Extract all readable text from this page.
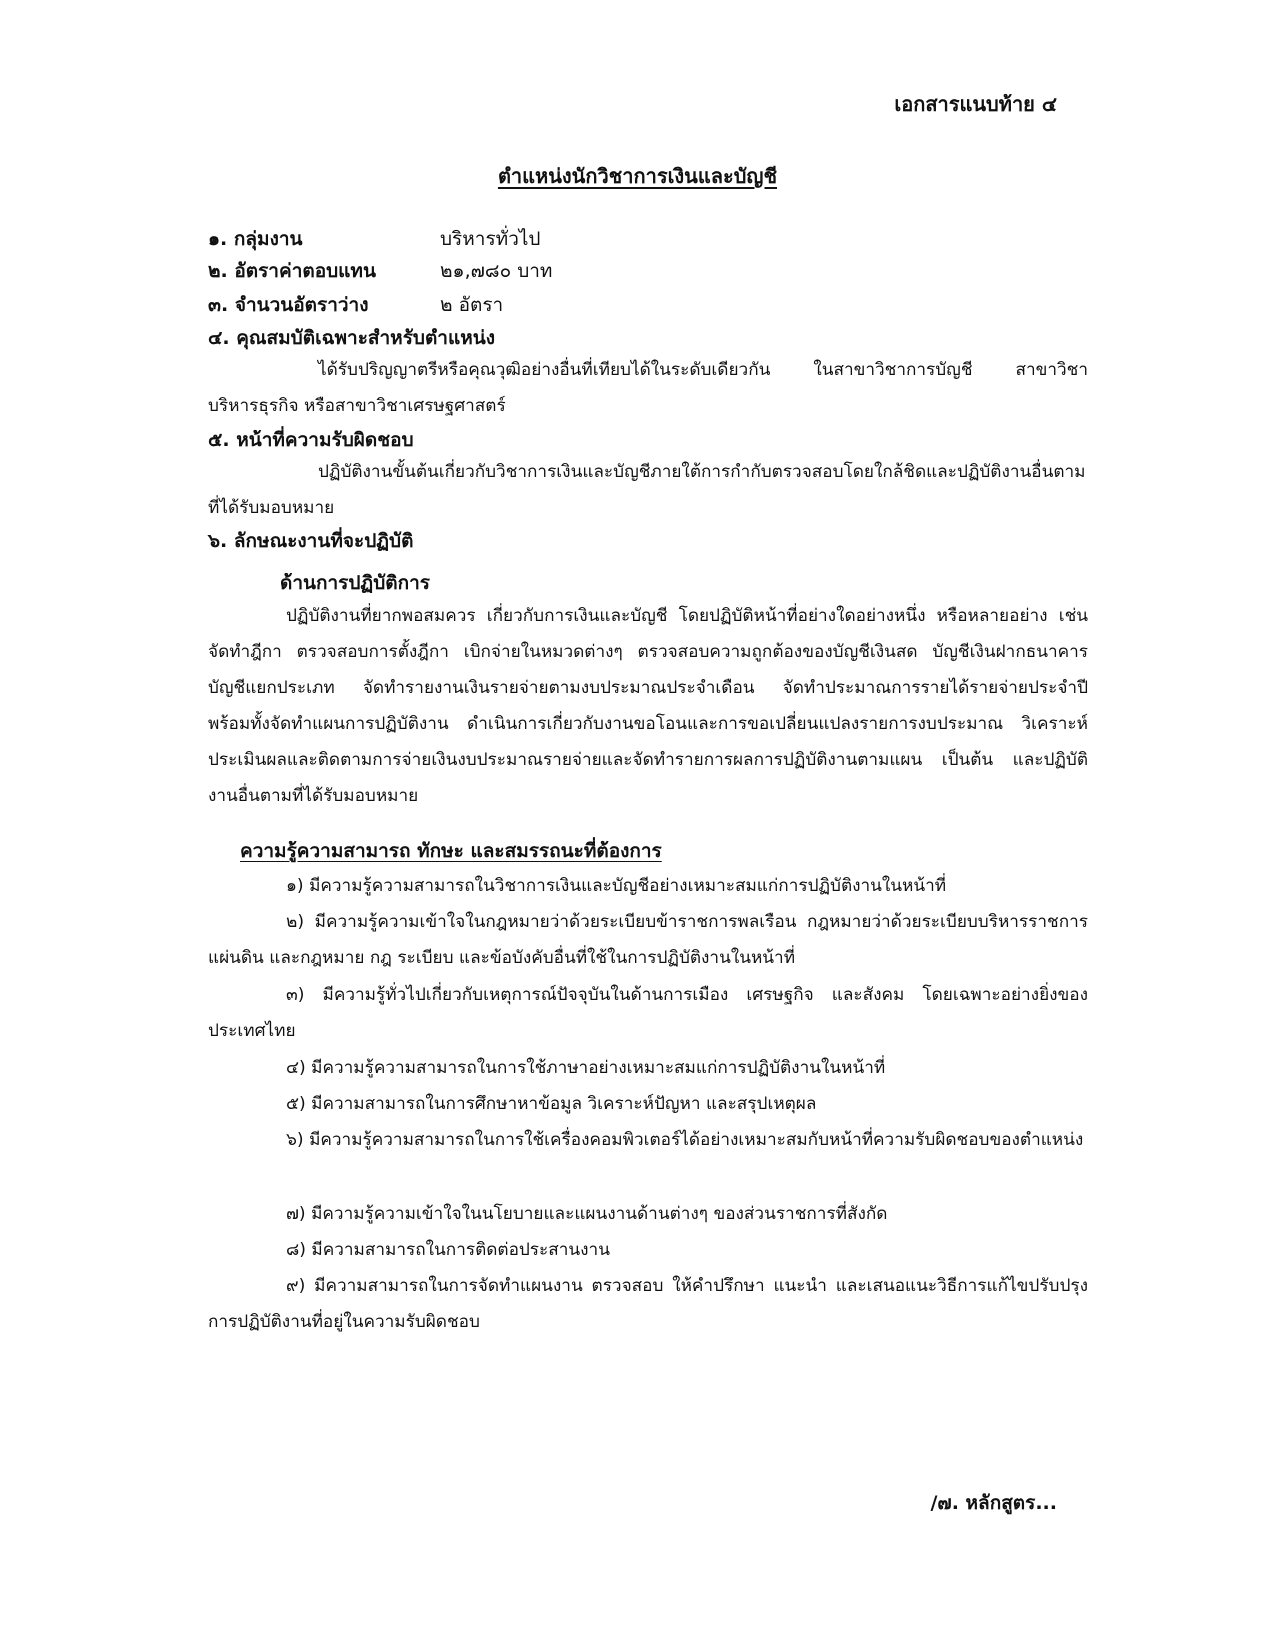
เอกสารแนบท้าย ๔
ตำแหน่งนักวิชาการเงินและบัญชี
๑. กลุ่มงาน	บริหารทั่วไป
๒. อัตราค่าตอบแทน	๒๑,๗๘๐ บาท
๓. จำนวนอัตราว่าง	๒ อัตรา
๔. คุณสมบัติเฉพาะสำหรับตำแหน่ง
ได้รับปริญญาตรีหรือคุณวุฒิอย่างอื่นที่เทียบได้ในระดับเดียวกัน ในสาขาวิชาการบัญชี สาขาวิชาบริหารธุรกิจ หรือสาขาวิชาเศรษฐศาสตร์
๕. หน้าที่ความรับผิดชอบ
ปฏิบัติงานขั้นต้นเกี่ยวกับวิชาการเงินและบัญชีภายใต้การกำกับตรวจสอบโดยใกล้ชิดและปฏิบัติงานอื่นตามที่ได้รับมอบหมาย
๖. ลักษณะงานที่จะปฏิบัติ
ด้านการปฏิบัติการ
ปฏิบัติงานที่ยากพอสมควร เกี่ยวกับการเงินและบัญชี โดยปฏิบัติหน้าที่อย่างใดอย่างหนึ่ง หรือหลายอย่าง เช่น จัดทำฎีกา ตรวจสอบการตั้งฎีกา เบิกจ่ายในหมวดต่างๆ ตรวจสอบความถูกต้องของบัญชีเงินสด บัญชีเงินฝากธนาคาร บัญชีแยกประเภท จัดทำรายงานเงินรายจ่ายตามงบประมาณประจำเดือน จัดทำประมาณการรายได้รายจ่ายประจำปี พร้อมทั้งจัดทำแผนการปฏิบัติงาน ดำเนินการเกี่ยวกับงานขอโอนและการขอเปลี่ยนแปลงรายการงบประมาณ วิเคราะห์ ประเมินผลและติดตามการจ่ายเงินงบประมาณรายจ่ายและจัดทำรายการผลการปฏิบัติงานตามแผน เป็นต้น และปฏิบัติงานอื่นตามที่ได้รับมอบหมาย
ความรู้ความสามารถ ทักษะ และสมรรถนะที่ต้องการ
๑) มีความรู้ความสามารถในวิชาการเงินและบัญชีอย่างเหมาะสมแก่การปฏิบัติงานในหน้าที่
๒) มีความรู้ความเข้าใจในกฎหมายว่าด้วยระเบียบข้าราชการพลเรือน กฎหมายว่าด้วยระเบียบบริหารราชการแผ่นดิน และกฎหมาย กฎ ระเบียบ และข้อบังคับอื่นที่ใช้ในการปฏิบัติงานในหน้าที่
๓) มีความรู้ทั่วไปเกี่ยวกับเหตุการณ์ปัจจุบันในด้านการเมือง เศรษฐกิจ และสังคม โดยเฉพาะอย่างยิ่งของประเทศไทย
๔) มีความรู้ความสามารถในการใช้ภาษาอย่างเหมาะสมแก่การปฏิบัติงานในหน้าที่
๕) มีความสามารถในการศึกษาหาข้อมูล วิเคราะห์ปัญหา และสรุปเหตุผล
๖) มีความรู้ความสามารถในการใช้เครื่องคอมพิวเตอร์ได้อย่างเหมาะสมกับหน้าที่ความรับผิดชอบของตำแหน่ง
๗) มีความรู้ความเข้าใจในนโยบายและแผนงานด้านต่างๆ ของส่วนราชการที่สังกัด
๘) มีความสามารถในการติดต่อประสานงาน
๙) มีความสามารถในการจัดทำแผนงาน ตรวจสอบ ให้คำปรึกษา แนะนำ และเสนอแนะวิธีการแก้ไขปรับปรุงการปฏิบัติงานที่อยู่ในความรับผิดชอบ
/๗. หลักสูตร...
